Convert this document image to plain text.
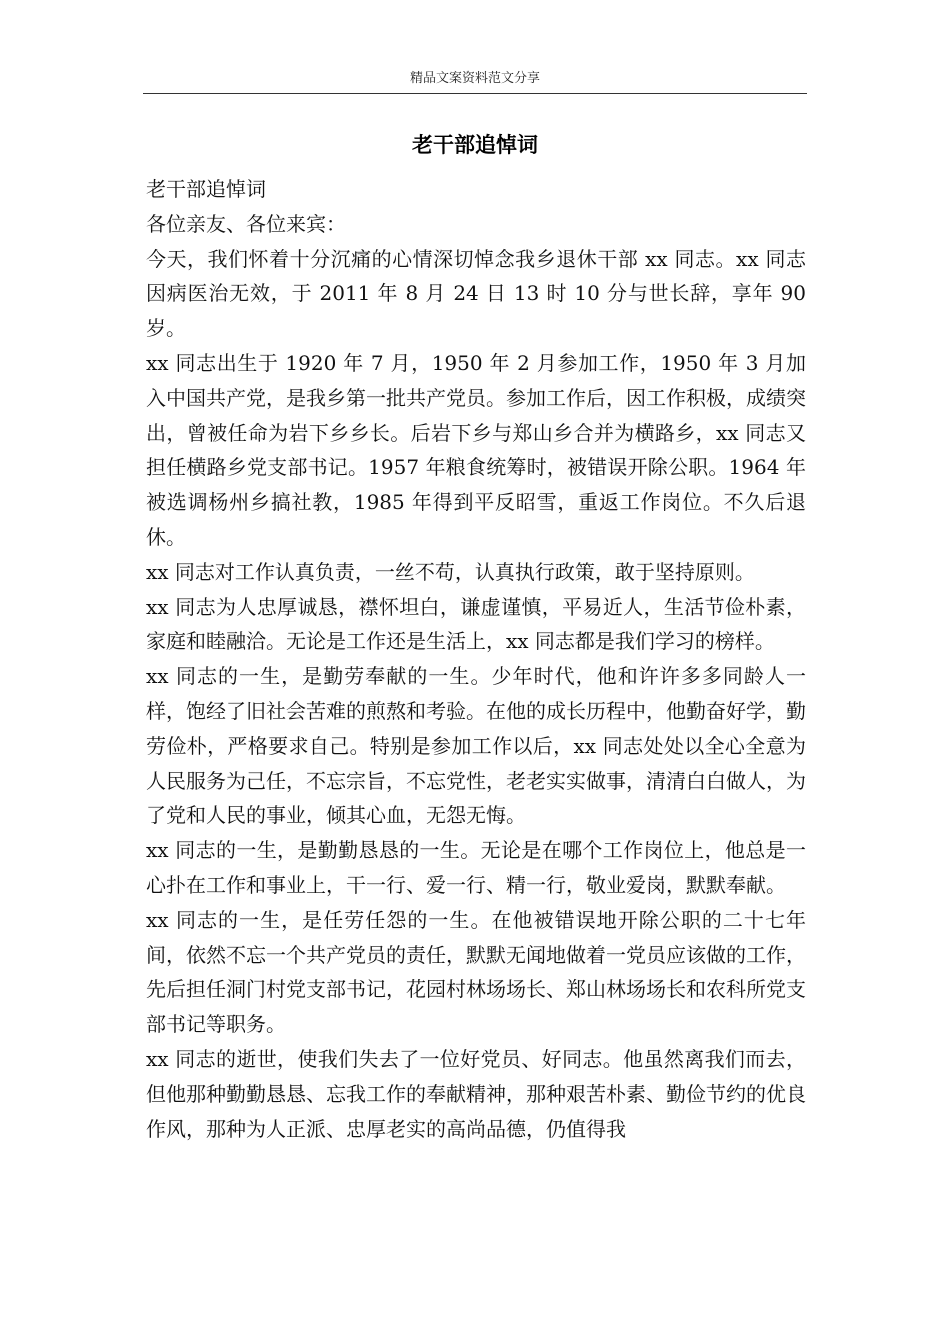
精品文案资料范文分享
老干部追悼词

老干部追悼词

各位亲友、各位来宾：

今天，我们怀着十分沉痛的心情深切悼念我乡退休干部 xx 同志。xx 同志因病医治无效，于 2011 年 8 月 24 日 13 时 10 分与世长辞，享年 90 岁。

xx 同志出生于 1920 年 7 月，1950 年 2 月参加工作，1950 年 3 月加入中国共产党，是我乡第一批共产党员。参加工作后，因工作积极，成绩突出，曾被任命为岩下乡乡长。后岩下乡与郑山乡合并为横路乡，xx 同志又担任横路乡党支部书记。1957 年粮食统筹时，被错误开除公职。1964 年被选调杨州乡搞社教，1985 年得到平反昭雪，重返工作岗位。不久后退休。

xx 同志对工作认真负责，一丝不苟，认真执行政策，敢于坚持原则。

xx 同志为人忠厚诚恳，襟怀坦白，谦虚谨慎，平易近人，生活节俭朴素，家庭和睦融洽。无论是工作还是生活上，xx 同志都是我们学习的榜样。

xx 同志的一生，是勤劳奉献的一生。少年时代，他和许许多多同龄人一样，饱经了旧社会苦难的煎熬和考验。在他的成长历程中，他勤奋好学，勤劳俭朴，严格要求自己。特别是参加工作以后，xx 同志处处以全心全意为人民服务为己任，不忘宗旨，不忘党性，老老实实做事，清清白白做人，为了党和人民的事业，倾其心血，无怨无悔。

xx 同志的一生，是勤勤恳恳的一生。无论是在哪个工作岗位上，他总是一心扑在工作和事业上，干一行、爱一行、精一行，敬业爱岗，默默奉献。

xx 同志的一生，是任劳任怨的一生。在他被错误地开除公职的二十七年间，依然不忘一个共产党员的责任，默默无闻地做着一党员应该做的工作，先后担任洞门村党支部书记，花园村林场场长、郑山林场场长和农科所党支部书记等职务。

xx 同志的逝世，使我们失去了一位好党员、好同志。他虽然离我们而去，但他那种勤勤恳恳、忘我工作的奉献精神，那种艰苦朴素、勤俭节约的优良作风，那种为人正派、忠厚老实的高尚品德，仍值得我
